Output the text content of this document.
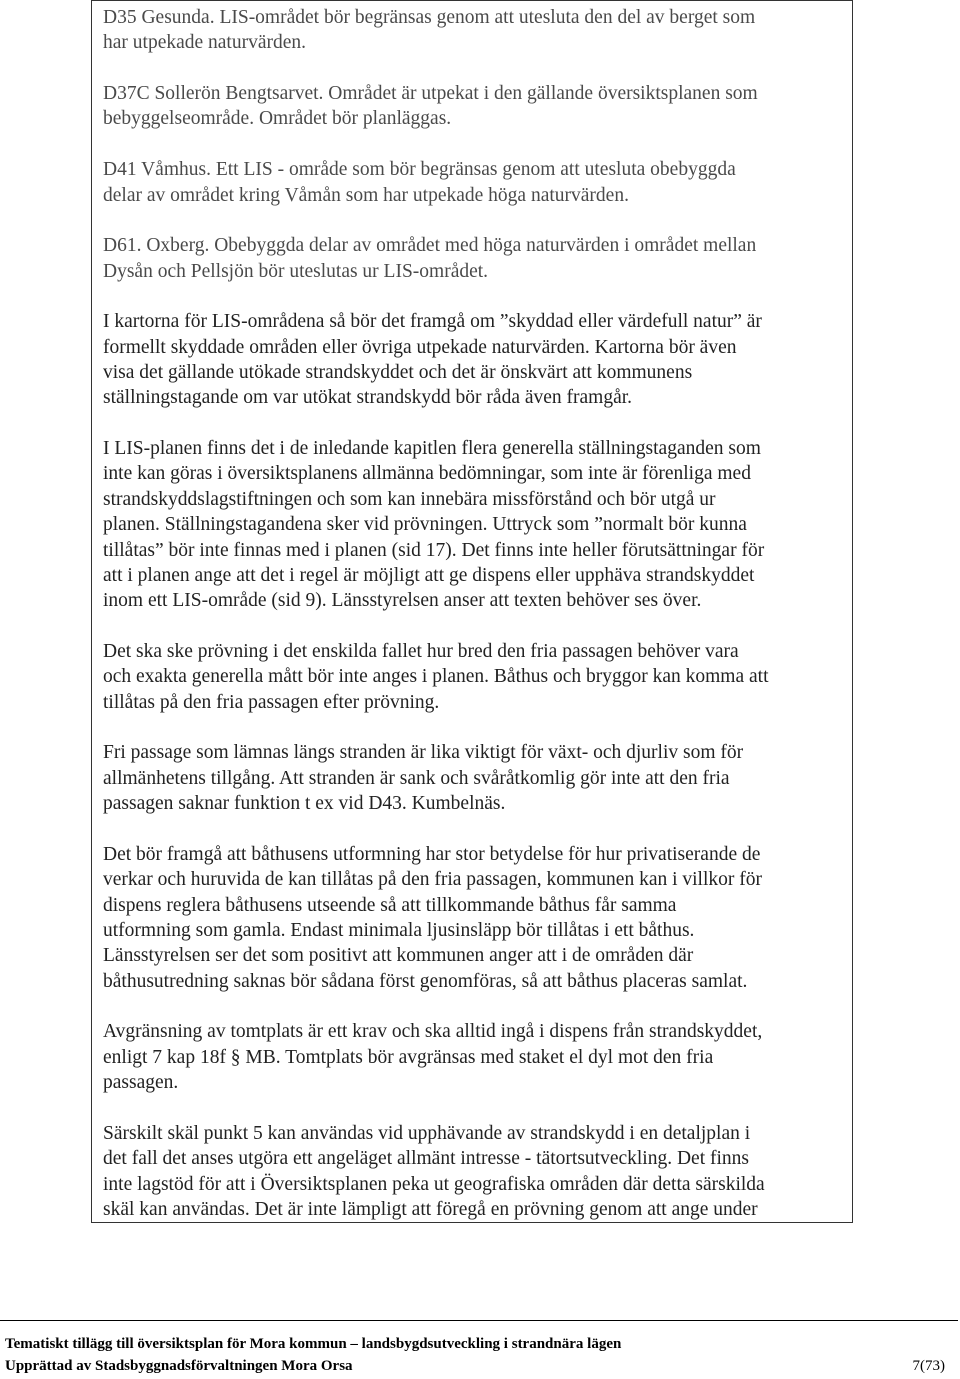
D35 Gesunda. LIS-området bör begränsas genom att utesluta den del av berget som
har utpekade naturvärden.
D37C Sollerön Bengtsarvet. Området är utpekat i den gällande översiktsplanen som
bebyggelseområde. Området bör planläggas.
D41 Våmhus. Ett LIS - område som bör begränsas genom att utesluta obebyggda
delar av området kring Våmån som har utpekade höga naturvärden.
D61. Oxberg. Obebyggda delar av området med höga naturvärden i området mellan
Dysån och Pellsjön bör uteslutas ur LIS-området.
I kartorna för LIS-områdena så bör det framgå om ”skyddad eller värdefull natur” är
formellt skyddade områden eller övriga utpekade naturvärden. Kartorna bör även
visa det gällande utökade strandskyddet och det är önskvärt att kommunens
ställningstagande om var utökat strandskydd bör råda även framgår.
I LIS-planen finns det i de inledande kapitlen flera generella ställningstaganden som
inte kan göras i översiktsplanens allmänna bedömningar, som inte är förenliga med
strandskyddslagstiftningen och som kan innebära missförstånd och bör utgå ur
planen. Ställningstagandena sker vid prövningen. Uttryck som ”normalt bör kunna
tillåtas” bör inte finnas med i planen (sid 17). Det finns inte heller förutsättningar för
att i planen ange att det i regel är möjligt att ge dispens eller upphäva strandskyddet
inom ett LIS-område (sid 9). Länsstyrelsen anser att texten behöver ses över.
Det ska ske prövning i det enskilda fallet hur bred den fria passagen behöver vara
och exakta generella mått bör inte anges i planen. Båthus och bryggor kan komma att
tillåtas på den fria passagen efter prövning.
Fri passage som lämnas längs stranden är lika viktigt för växt- och djurliv som för
allmänhetens tillgång. Att stranden är sank och svåråtkomlig gör inte att den fria
passagen saknar funktion t ex vid D43. Kumbelnäs.
Det bör framgå att båthusens utformning har stor betydelse för hur privatiserande de
verkar och huruvida de kan tillåtas på den fria passagen, kommunen kan i villkor för
dispens reglera båthusens utseende så att tillkommande båthus får samma
utformning som gamla. Endast minimala ljusinsläpp bör tillåtas i ett båthus.
Länsstyrelsen ser det som positivt att kommunen anger att i de områden där
båthusutredning saknas bör sådana först genomföras, så att båthus placeras samlat.
Avgränsning av tomtplats är ett krav och ska alltid ingå i dispens från strandskyddet,
enligt 7 kap 18f § MB. Tomtplats bör avgränsas med staket el dyl mot den fria
passagen.
Särskilt skäl punkt 5 kan användas vid upphävande av strandskydd i en detaljplan i
det fall det anses utgöra ett angeläget allmänt intresse - tätortsutveckling. Det finns
inte lagstöd för att i Översiktsplanen peka ut geografiska områden där detta särskilda
skäl kan användas. Det är inte lämpligt att föregå en prövning genom att ange under
Tematiskt tillägg till översiktsplan för Mora kommun – landsbygdsutveckling i strandnära lägen
Upprättad av Stadsbyggnadsförvaltningen Mora Orsa	7(73)
